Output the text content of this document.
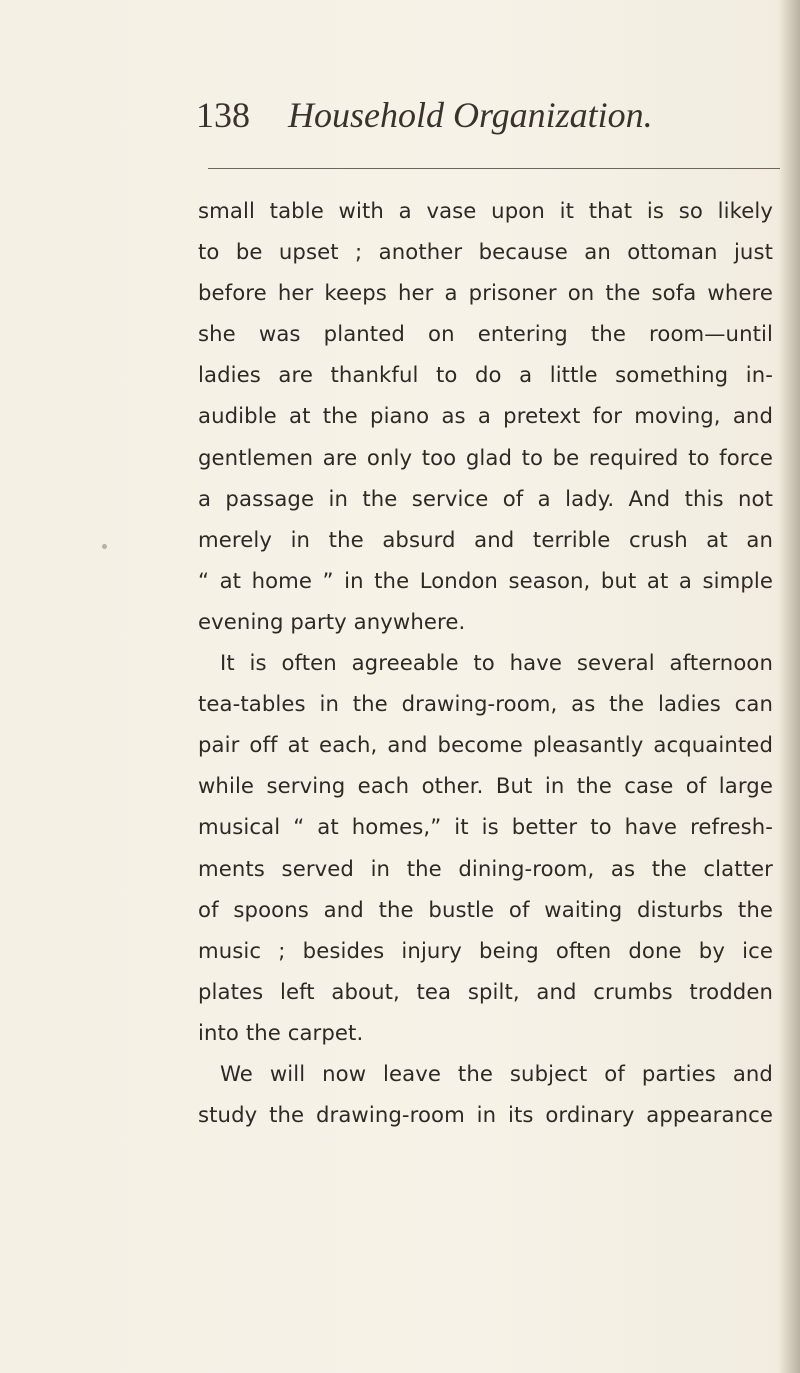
138 Household Organization.
small table with a vase upon it that is so likely
to be upset ; another because an ottoman just
before her keeps her a prisoner on the sofa where
she was planted on entering the room—until
ladies are thankful to do a little something in-
audible at the piano as a pretext for moving, and
gentlemen are only too glad to be required to force
a passage in the service of a lady. And this not
merely in the absurd and terrible crush at an
“ at home ” in the London season, but at a simple
evening party anywhere.
It is often agreeable to have several afternoon
tea-tables in the drawing-room, as the ladies can
pair off at each, and become pleasantly acquainted
while serving each other. But in the case of large
musical “ at homes,” it is better to have refresh-
ments served in the dining-room, as the clatter
of spoons and the bustle of waiting disturbs the
music ; besides injury being often done by ice
plates left about, tea spilt, and crumbs trodden
into the carpet.
We will now leave the subject of parties and
study the drawing-room in its ordinary appearance
